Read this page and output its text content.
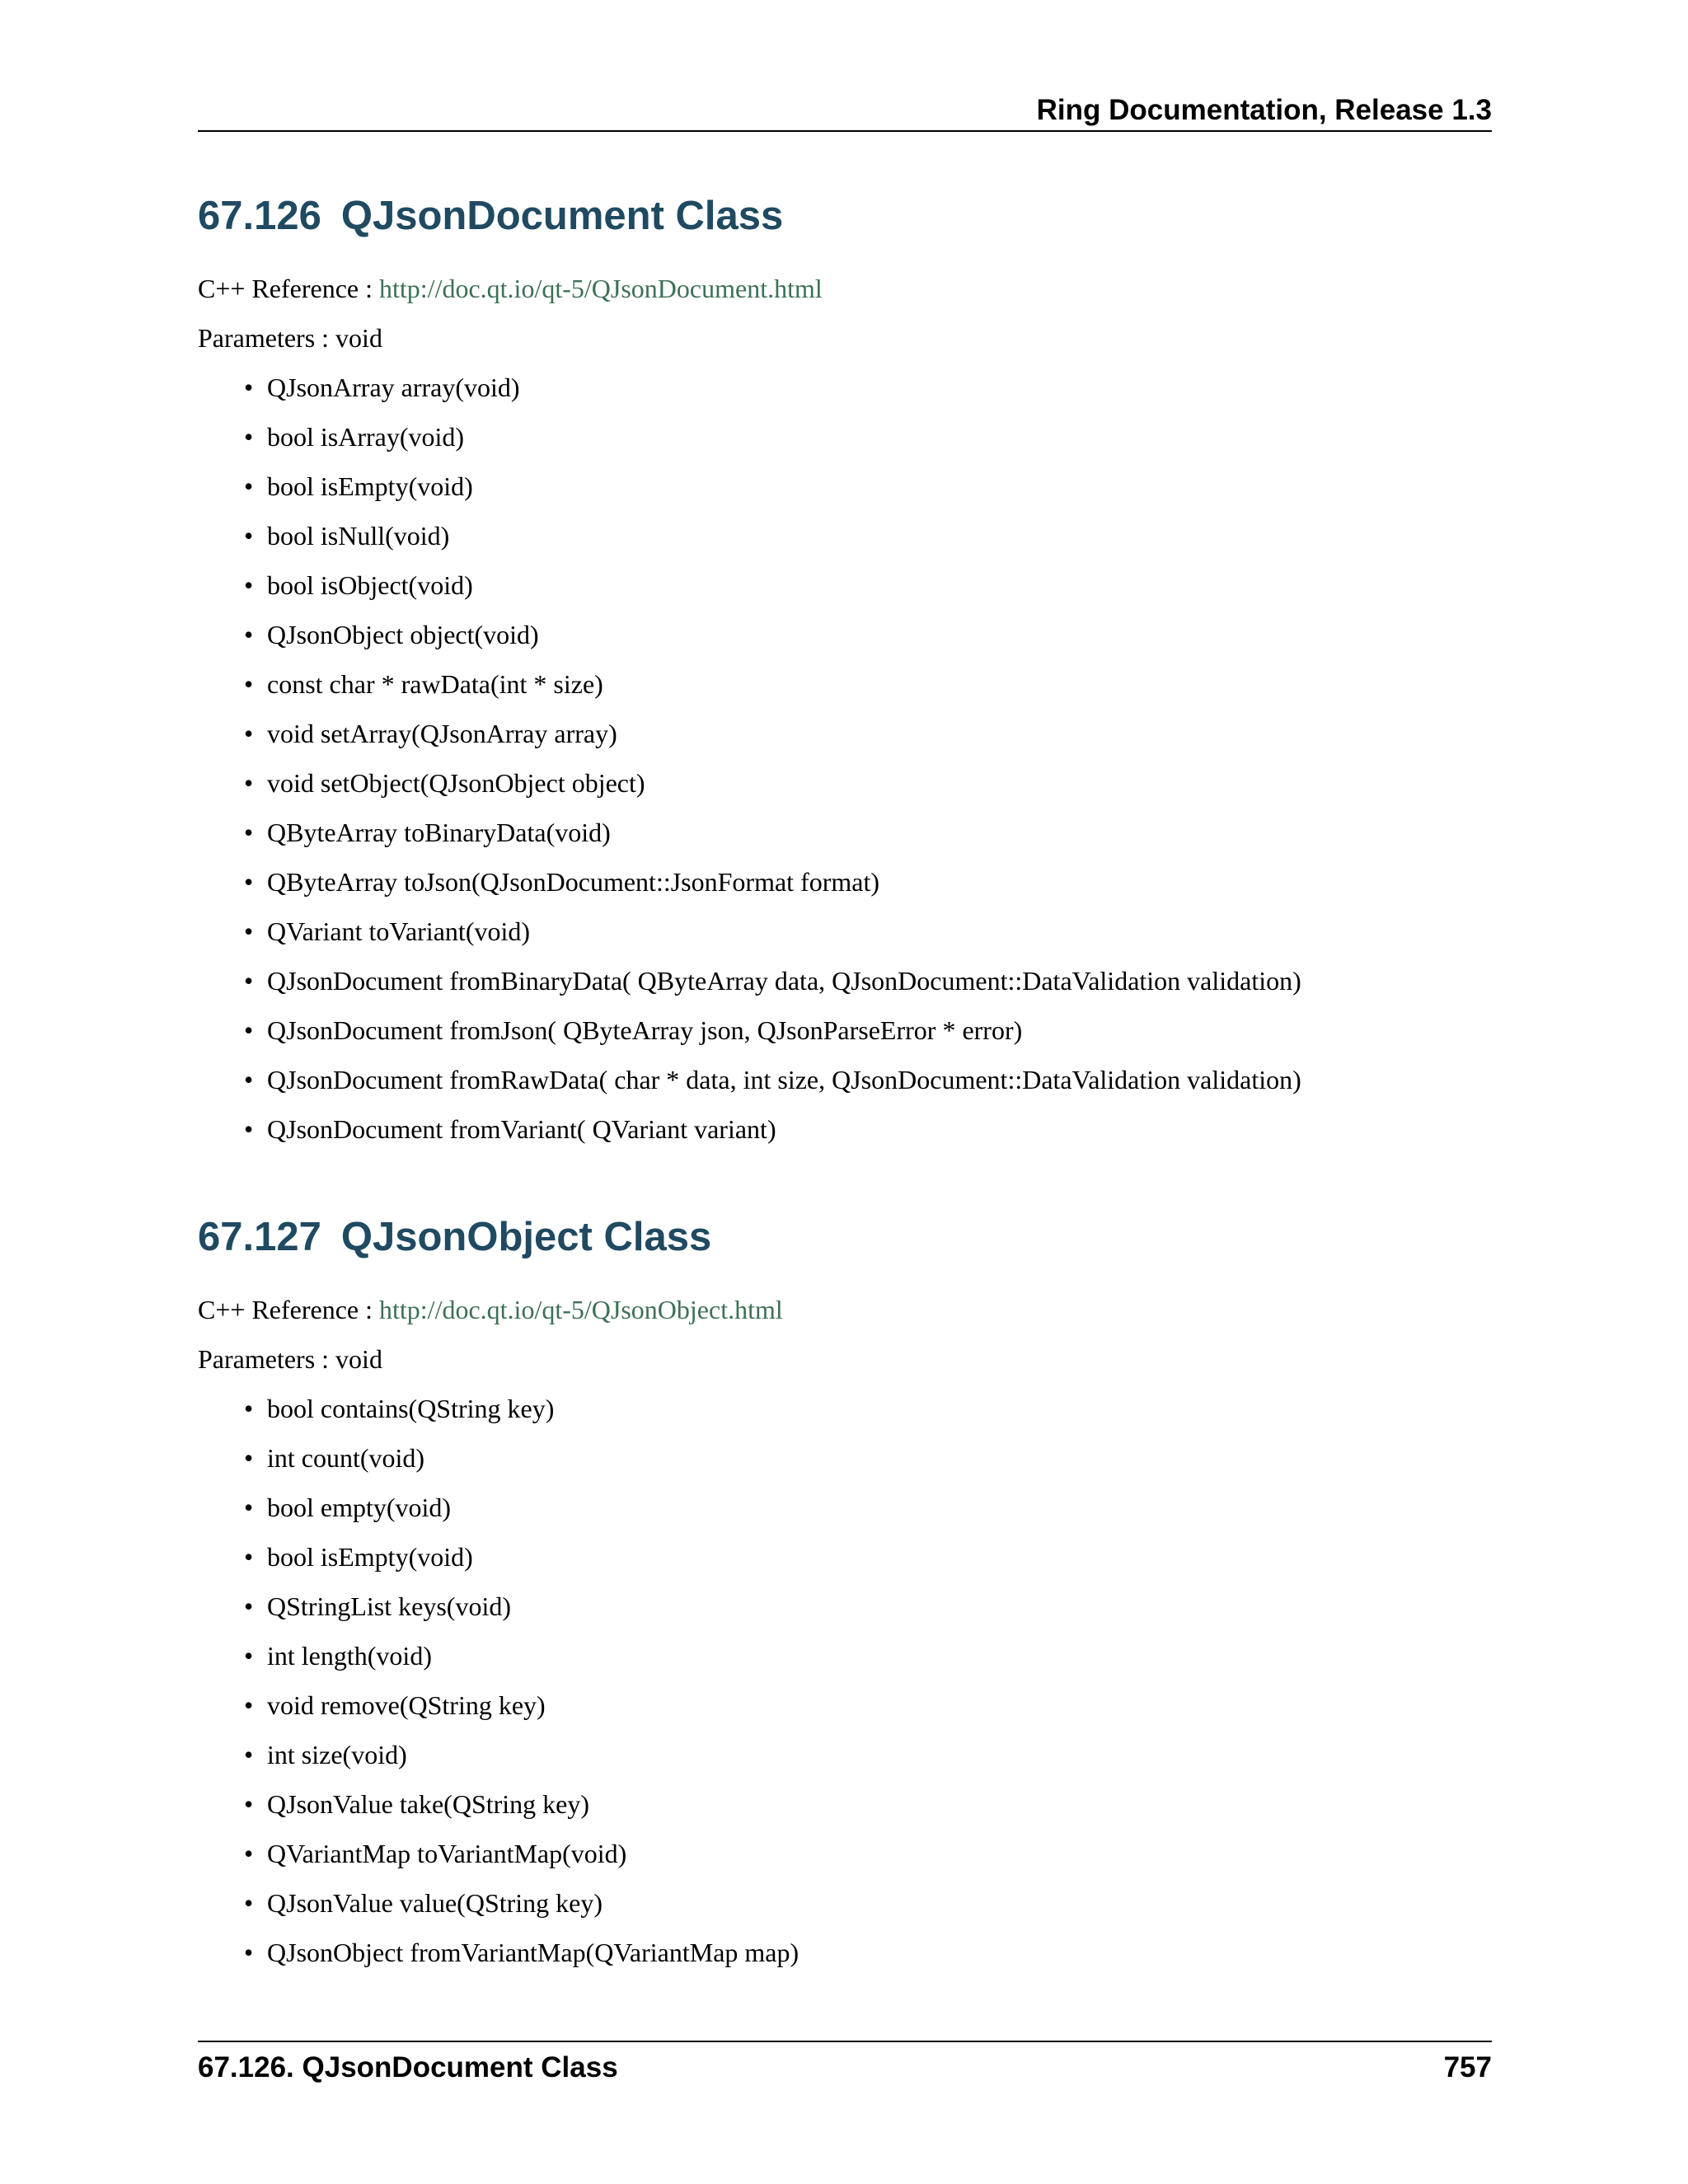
Ring Documentation, Release 1.3
67.126 QJsonDocument Class

C++ Reference : http://doc.qt.io/qt-5/QJsonDocument.html

Parameters : void

• QJsonArray array(void)
• bool isArray(void)
• bool isEmpty(void)
• bool isNull(void)
• bool isObject(void)
• QJsonObject object(void)
• const char * rawData(int * size)
• void setArray(QJsonArray array)
• void setObject(QJsonObject object)
• QByteArray toBinaryData(void)
• QByteArray toJson(QJsonDocument::JsonFormat format)
• QVariant toVariant(void)
• QJsonDocument fromBinaryData( QByteArray data, QJsonDocument::DataValidation validation)
• QJsonDocument fromJson( QByteArray json, QJsonParseError * error)
• QJsonDocument fromRawData( char * data, int size, QJsonDocument::DataValidation validation)
• QJsonDocument fromVariant( QVariant variant)
67.127 QJsonObject Class

C++ Reference : http://doc.qt.io/qt-5/QJsonObject.html

Parameters : void

• bool contains(QString key)
• int count(void)
• bool empty(void)
• bool isEmpty(void)
• QStringList keys(void)
• int length(void)
• void remove(QString key)
• int size(void)
• QJsonValue take(QString key)
• QVariantMap toVariantMap(void)
• QJsonValue value(QString key)
• QJsonObject fromVariantMap(QVariantMap map)
67.126. QJsonDocument Class	757
